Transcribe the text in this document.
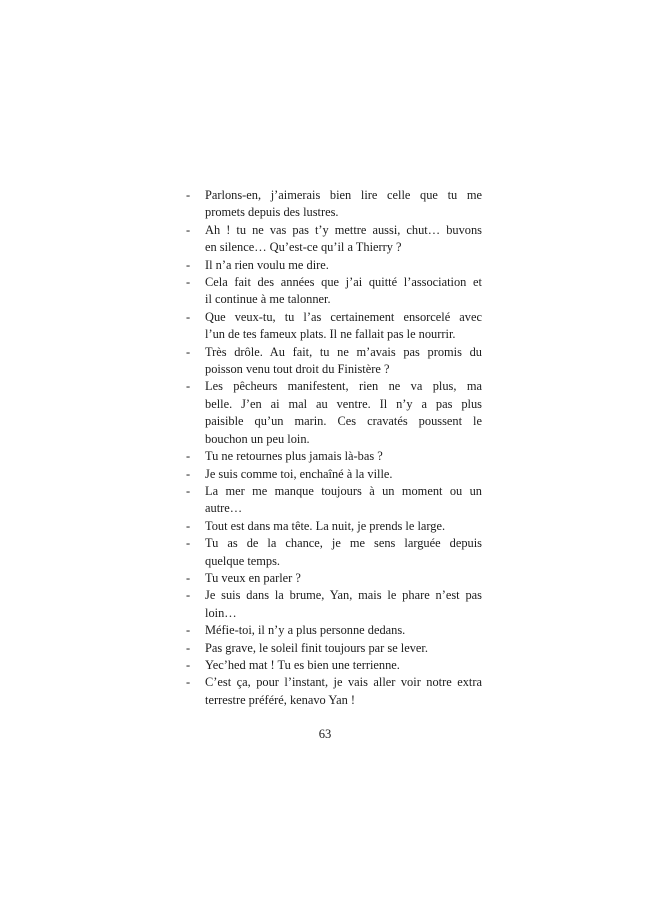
- Parlons-en, j’aimerais bien lire celle que tu me
promets depuis des lustres.
- Ah ! tu ne vas pas t’y mettre aussi, chut… buvons
en silence… Qu’est-ce qu’il a Thierry ?
- Il n’a rien voulu me dire.
- Cela fait des années que j’ai quitté l’association et
il continue à me talonner.
- Que veux-tu, tu l’as certainement ensorcelé avec
l’un de tes fameux plats. Il ne fallait pas le nourrir.
- Très drôle. Au fait, tu ne m’avais pas promis du
poisson venu tout droit du Finistère ?
- Les pêcheurs manifestent, rien ne va plus, ma
belle. J’en ai mal au ventre. Il n’y a pas plus
paisible qu’un marin. Ces cravatés poussent le
bouchon un peu loin.
- Tu ne retournes plus jamais là-bas ?
- Je suis comme toi, enchaîné à la ville.
- La mer me manque toujours à un moment ou un
autre…
- Tout est dans ma tête. La nuit, je prends le large.
- Tu as de la chance, je me sens larguée depuis
quelque temps.
- Tu veux en parler ?
- Je suis dans la brume, Yan, mais le phare n’est pas
loin…
- Méfie-toi, il n’y a plus personne dedans.
- Pas grave, le soleil finit toujours par se lever.
- Yec’hed mat ! Tu es bien une terrienne.
- C’est ça, pour l’instant, je vais aller voir notre extra
terrestre préféré, kenavo Yan !
63
